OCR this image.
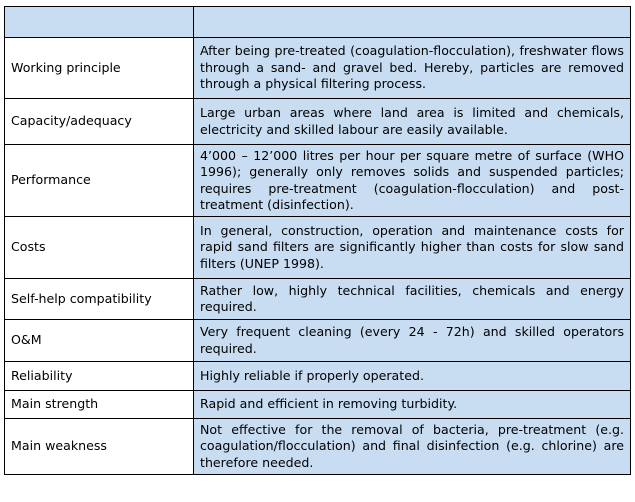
Working principle	After being pre-treated (coagulation-flocculation), freshwater flows through a sand- and gravel bed. Hereby, particles are removed through a physical filtering process.
Capacity/adequacy	Large urban areas where land area is limited and chemicals, electricity and skilled labour are easily available.
Performance	4’000 – 12’000 litres per hour per square metre of surface (WHO 1996); generally only removes solids and suspended particles; requires pre-treatment (coagulation-flocculation) and post-treatment (disinfection).
Costs	In general, construction, operation and maintenance costs for rapid sand filters are significantly higher than costs for slow sand filters (UNEP 1998).
Self-help compatibility	Rather low, highly technical facilities, chemicals and energy required.
O&M	Very frequent cleaning (every 24 - 72h) and skilled operators required.
Reliability	Highly reliable if properly operated.
Main strength	Rapid and efficient in removing turbidity.
Main weakness	Not effective for the removal of bacteria, pre-treatment (e.g. coagulation/flocculation) and final disinfection (e.g. chlorine) are therefore needed.
